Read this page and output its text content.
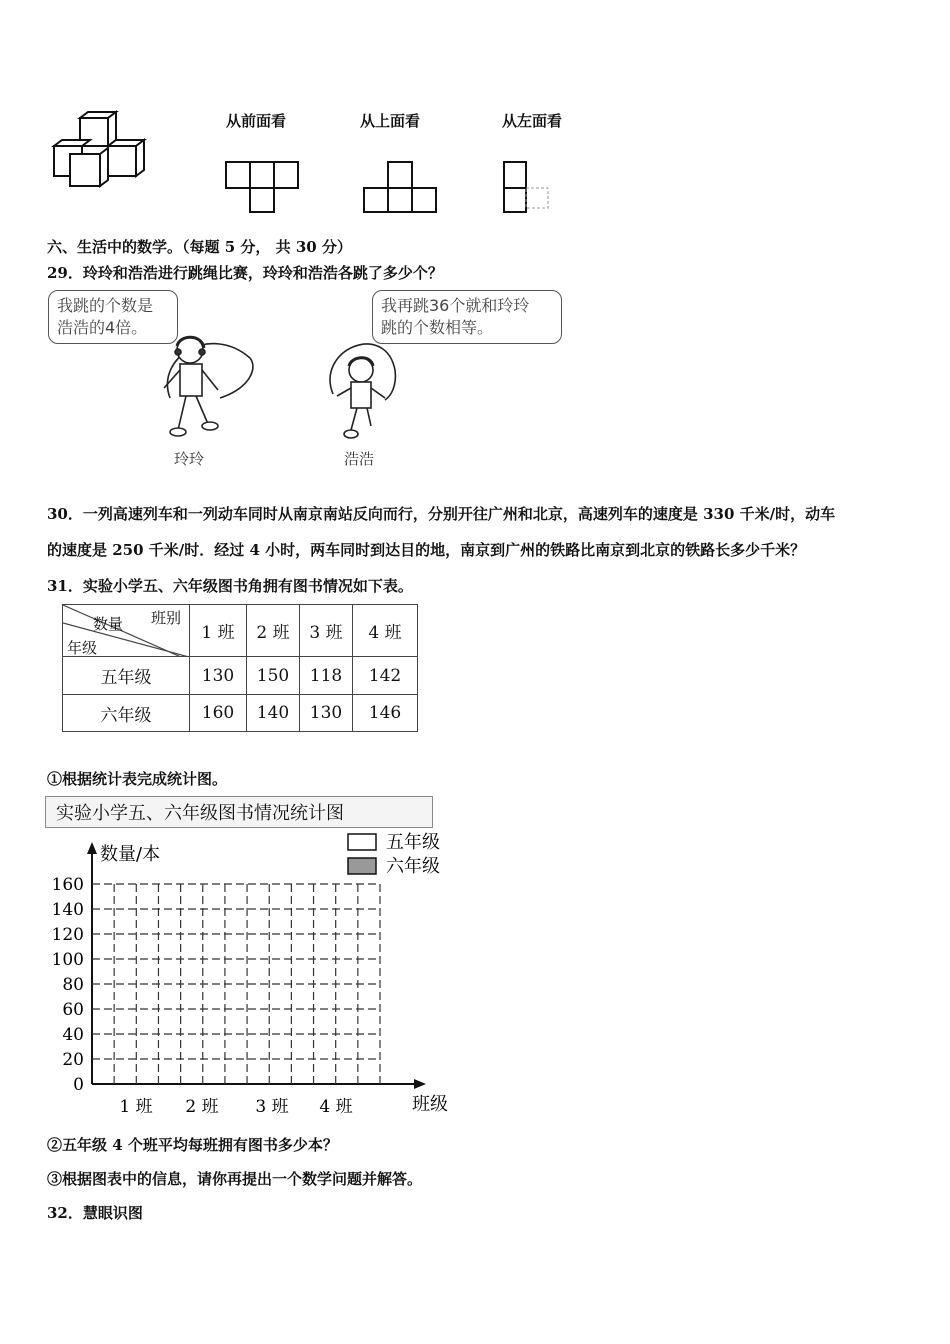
从前面看	从上面看	从左面看
六、生活中的数学。（每题 5 分， 共 30 分）
29．玲玲和浩浩进行跳绳比赛，玲玲和浩浩各跳了多少个？
我跳的个数是
浩浩的4倍。
我再跳36个就和玲玲
跳的个数相等。
玲玲	浩浩
30．一列高速列车和一列动车同时从南京南站反向而行，分别开往广州和北京，高速列车的速度是 330 千米/时，动车
的速度是 250 千米/时．经过 4 小时，两车同时到达目的地，南京到广州的铁路比南京到北京的铁路长多少千米？
31．实验小学五、六年级图书角拥有图书情况如下表。
班别
数量
年级	1 班	2 班	3 班	4 班
五年级	130	150	118	142
六年级	160	140	130	146
①根据统计表完成统计图。
实验小学五、六年级图书情况统计图
数量/本
0
20
40
60
80
100
120
140
160
1 班 2 班 3 班 4 班	班级
五年级
六年级
②五年级 4 个班平均每班拥有图书多少本？
③根据图表中的信息，请你再提出一个数学问题并解答。
32．慧眼识图
